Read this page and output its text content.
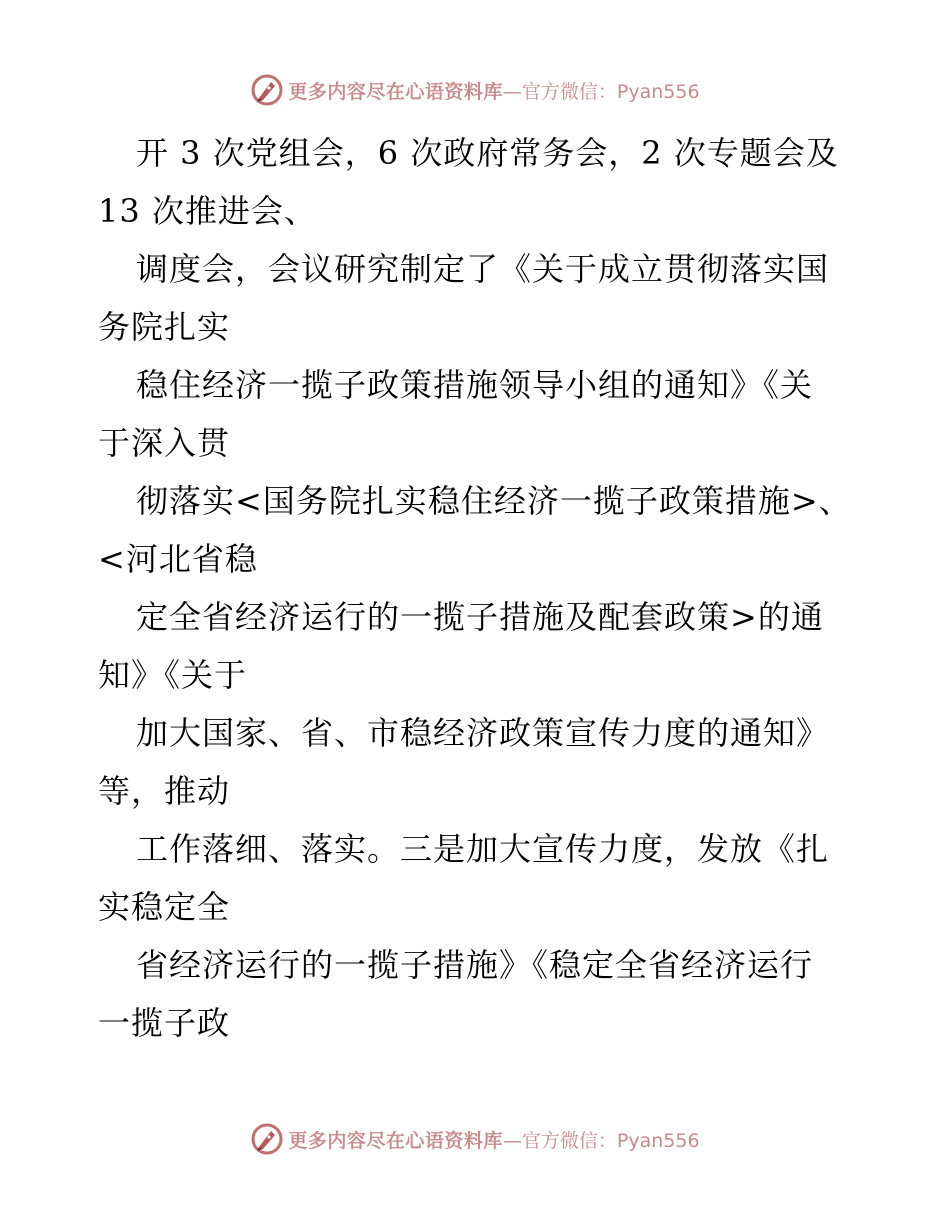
更多内容尽在心语资料库 —官方微信：Pyan556
开 3 次党组会，6 次政府常务会，2 次专题会及
13 次推进会、
调度会，会议研究制定了《关于成立贯彻落实国
务院扎实
稳住经济一揽子政策措施领导小组的通知》《关
于深入贯
彻落实<国务院扎实稳住经济一揽子政策措施>、
<河北省稳
定全省经济运行的一揽子措施及配套政策>的通
知》《关于
加大国家、省、市稳经济政策宣传力度的通知》
等，推动
工作落细、落实。三是加大宣传力度，发放《扎
实稳定全
省经济运行的一揽子措施》《稳定全省经济运行
一揽子政
更多内容尽在心语资料库 —官方微信：Pyan556
